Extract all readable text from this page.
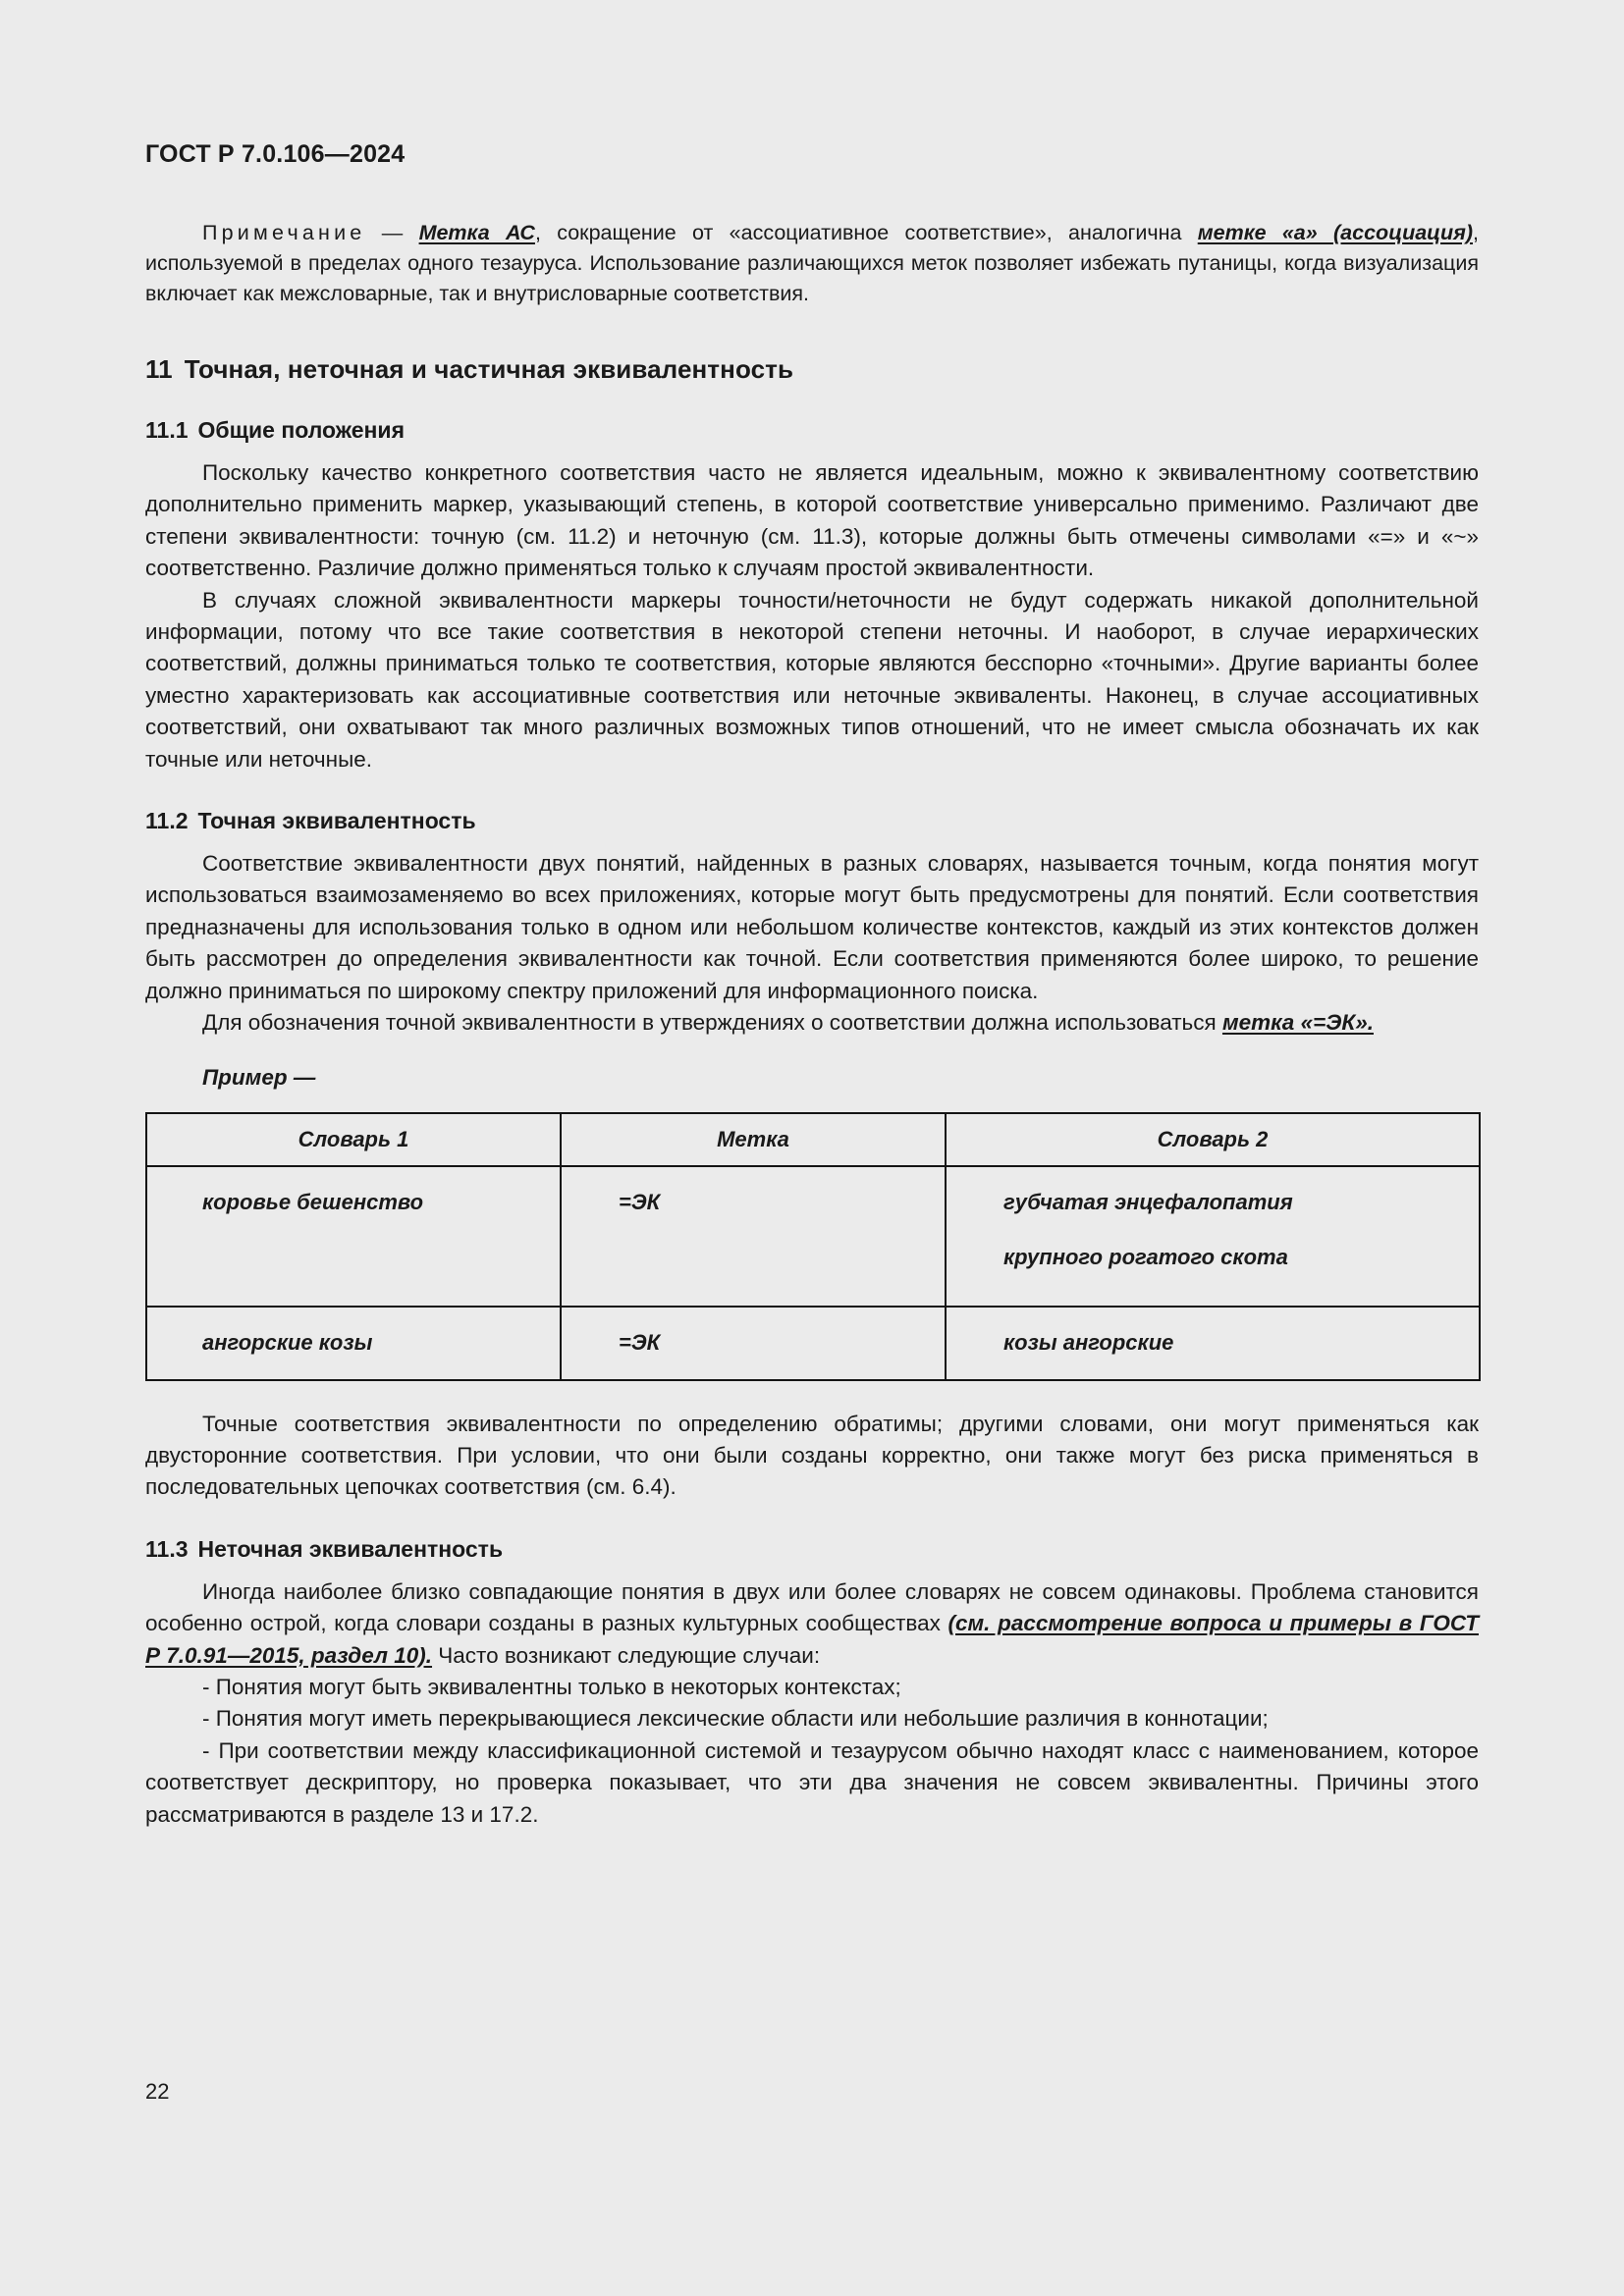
ГОСТ Р 7.0.106—2024

Примечание — Метка АС, сокращение от «ассоциативное соответствие», аналогична метке «а» (ассоциация), используемой в пределах одного тезауруса. Использование различающихся меток позволяет избежать путаницы, когда визуализация включает как межсловарные, так и внутрисловарные соответствия.

11 Точная, неточная и частичная эквивалентность
11.1 Общие положения

Поскольку качество конкретного соответствия часто не является идеальным, можно к эквивалентному соответствию дополнительно применить маркер, указывающий степень, в которой соответствие универсально применимо. Различают две степени эквивалентности: точную (см. 11.2) и неточную (см. 11.3), которые должны быть отмечены символами «=» и «~» соответственно. Различие должно применяться только к случаям простой эквивалентности.

В случаях сложной эквивалентности маркеры точности/неточности не будут содержать никакой дополнительной информации, потому что все такие соответствия в некоторой степени неточны. И наоборот, в случае иерархических соответствий, должны приниматься только те соответствия, которые являются бесспорно «точными». Другие варианты более уместно характеризовать как ассоциативные соответствия или неточные эквиваленты. Наконец, в случае ассоциативных соответствий, они охватывают так много различных возможных типов отношений, что не имеет смысла обозначать их как точные или неточные.

11.2 Точная эквивалентность

Соответствие эквивалентности двух понятий, найденных в разных словарях, называется точным, когда понятия могут использоваться взаимозаменяемо во всех приложениях, которые могут быть предусмотрены для понятий. Если соответствия предназначены для использования только в одном или небольшом количестве контекстов, каждый из этих контекстов должен быть рассмотрен до определения эквивалентности как точной. Если соответствия применяются более широко, то решение должно приниматься по широкому спектру приложений для информационного поиска.

Для обозначения точной эквивалентности в утверждениях о соответствии должна использоваться метка «=ЭК».

Пример —

Словарь 1	Метка	Словарь 2

коровье бешенство	=ЭК	губчатая энцефалопатия
крупного рогатого скота

ангорские козы	=ЭК	козы ангорские

Точные соответствия эквивалентности по определению обратимы; другими словами, они могут применяться как двусторонние соответствия. При условии, что они были созданы корректно, они также могут без риска применяться в последовательных цепочках соответствия (см. 6.4).

11.3 Неточная эквивалентность

Иногда наиболее близко совпадающие понятия в двух или более словарях не совсем одинаковы. Проблема становится особенно острой, когда словари созданы в разных культурных сообществах (см. рассмотрение вопроса и примеры в ГОСТ Р 7.0.91—2015, раздел 10). Часто возникают следующие случаи:

- Понятия могут быть эквивалентны только в некоторых контекстах;

- Понятия могут иметь перекрывающиеся лексические области или небольшие различия в коннотации;

- При соответствии между классификационной системой и тезаурусом обычно находят класс с наименованием, которое соответствует дескриптору, но проверка показывает, что эти два значения не совсем эквивалентны. Причины этого рассматриваются в разделе 13 и 17.2.

22
